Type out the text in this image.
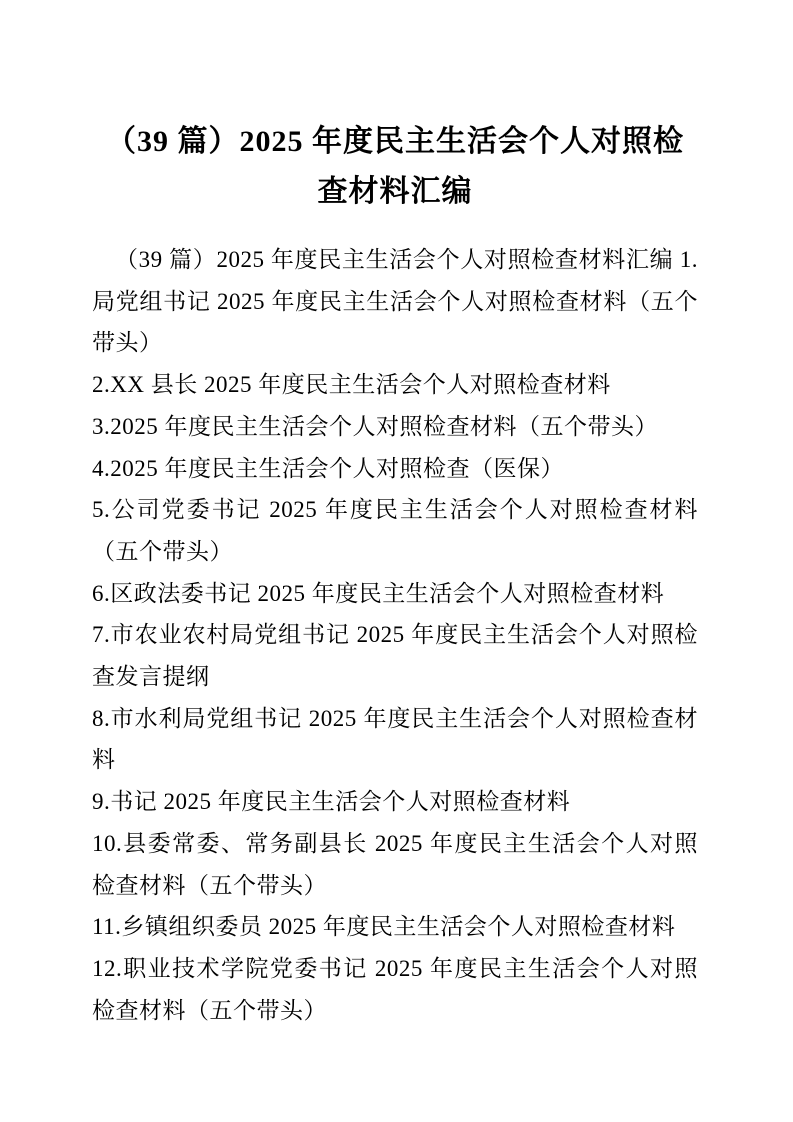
（39 篇）2025 年度民主生活会个人对照检查材料汇编

（39 篇）2025 年度民主生活会个人对照检查材料汇编 1.局党组书记 2025 年度民主生活会个人对照检查材料（五个带头）

2.XX 县长 2025 年度民主生活会个人对照检查材料

3.2025 年度民主生活会个人对照检查材料（五个带头）

4.2025 年度民主生活会个人对照检查（医保）

5.公司党委书记 2025 年度民主生活会个人对照检查材料（五个带头）

6.区政法委书记 2025 年度民主生活会个人对照检查材料

7.市农业农村局党组书记 2025 年度民主生活会个人对照检查发言提纲

8.市水利局党组书记 2025 年度民主生活会个人对照检查材料

9.书记 2025 年度民主生活会个人对照检查材料

10.县委常委、常务副县长 2025 年度民主生活会个人对照检查材料（五个带头）

11.乡镇组织委员 2025 年度民主生活会个人对照检查材料

12.职业技术学院党委书记 2025 年度民主生活会个人对照检查材料（五个带头）
